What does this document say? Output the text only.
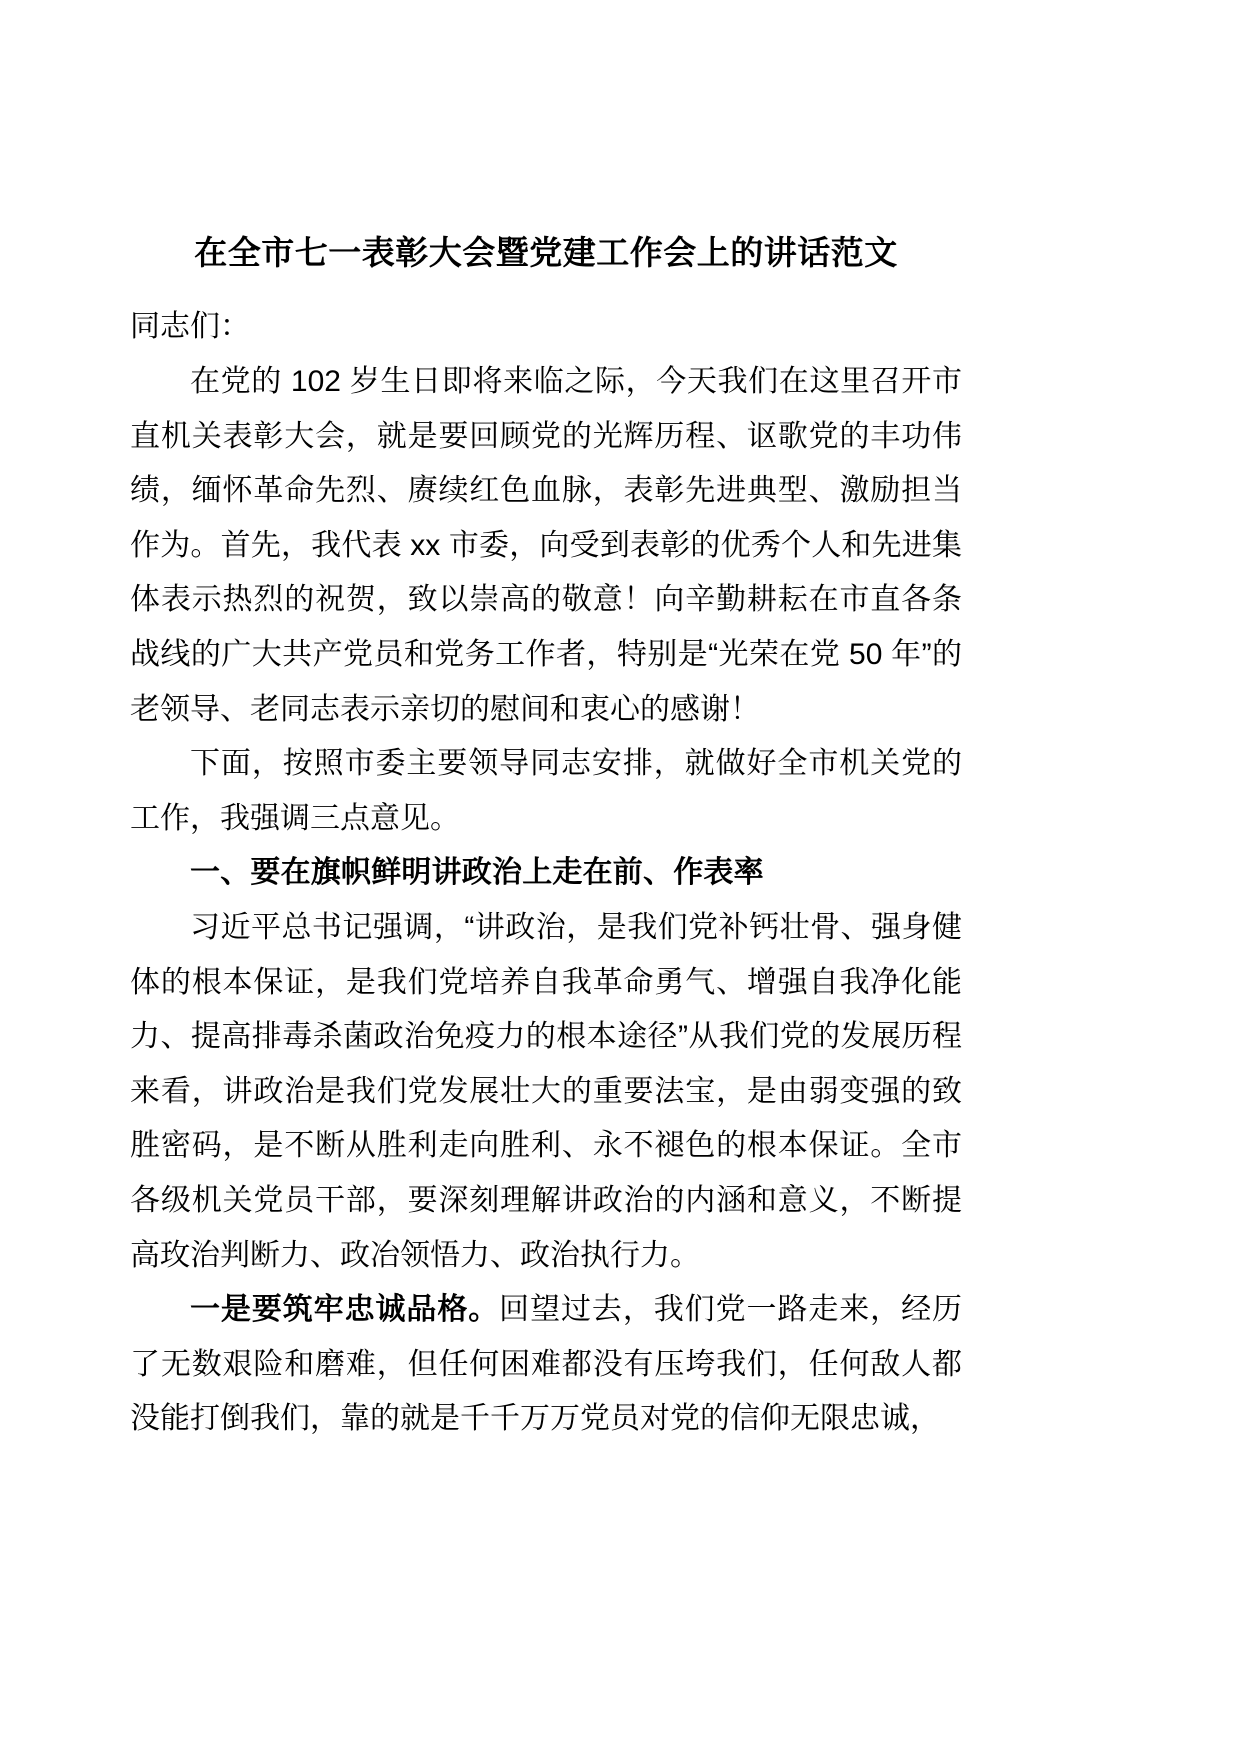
在全市七一表彰大会暨党建工作会上的讲话范文

同志们：

在党的 102 岁生日即将来临之际，今天我们在这里召开市直机关表彰大会，就是要回顾党的光辉历程、讴歌党的丰功伟绩，缅怀革命先烈、赓续红色血脉，表彰先进典型、激励担当作为。首先，我代表 xx 市委，向受到表彰的优秀个人和先进集体表示热烈的祝贺，致以崇高的敬意！向辛勤耕耘在市直各条战线的广大共产党员和党务工作者，特别是“光荣在党 50 年”的老领导、老同志表示亲切的慰间和衷心的感谢！

下面，按照市委主要领导同志安排，就做好全市机关党的工作，我强调三点意见。

一、要在旗帜鲜明讲政治上走在前、作表率

习近平总书记强调，“讲政治，是我们党补钙壮骨、强身健体的根本保证，是我们党培养自我革命勇气、增强自我净化能力、提高排毒杀菌政治免疫力的根本途径”从我们党的发展历程来看，讲政治是我们党发展壮大的重要法宝，是由弱变强的致胜密码，是不断从胜利走向胜利、永不褪色的根本保证。全市各级机关党员干部，要深刻理解讲政治的内涵和意义，不断提高玫治判断力、政冶领悟力、政治执行力。

一是要筑牢忠诚品格。回望过去，我们党一路走来，经历了无数艰险和磨难，但任何困难都没有压垮我们，任何敌人都没能打倒我们，靠的就是千千万万党员对党的信仰无限忠诚，
